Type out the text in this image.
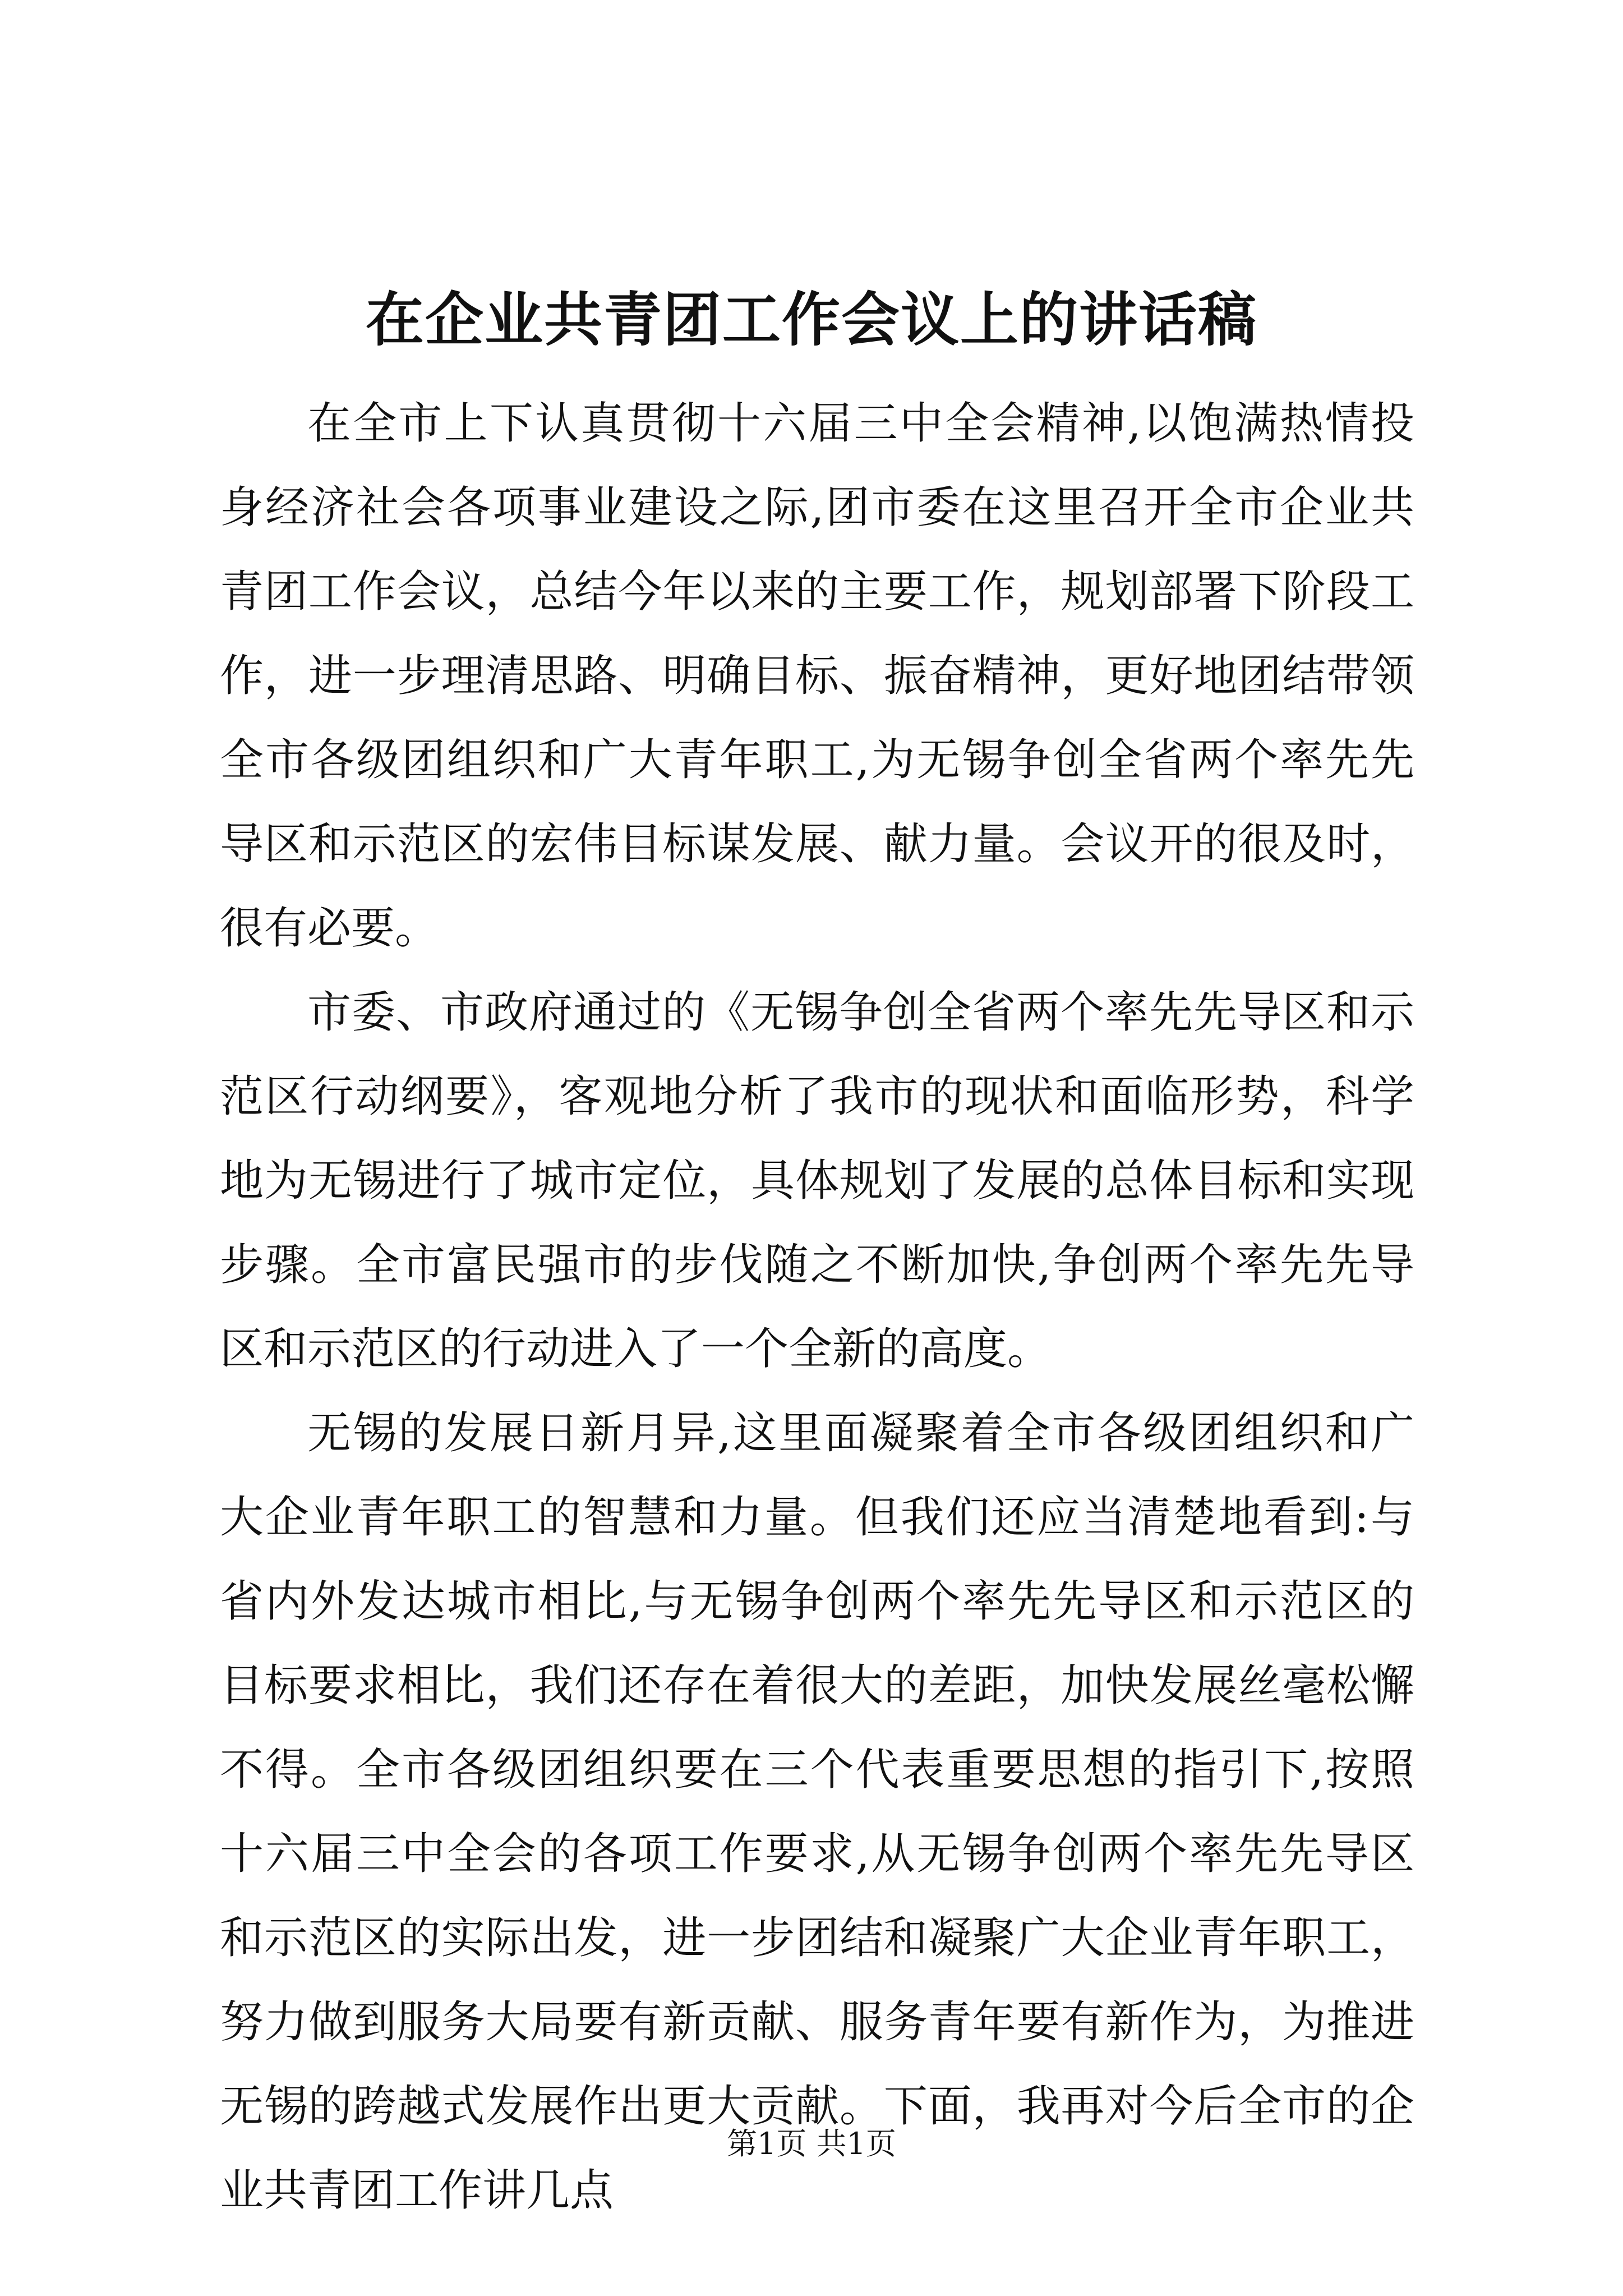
在企业共青团工作会议上的讲话稿

在全市上下认真贯彻十六届三中全会精神,以饱满热情投身经济社会各项事业建设之际,团市委在这里召开全市企业共青团工作会议，总结今年以来的主要工作，规划部署下阶段工作，进一步理清思路、明确目标、振奋精神，更好地团结带领全市各级团组织和广大青年职工,为无锡争创全省两个率先先导区和示范区的宏伟目标谋发展、献力量。会议开的很及时，很有必要。

市委、市政府通过的《无锡争创全省两个率先先导区和示范区行动纲要》，客观地分析了我市的现状和面临形势，科学地为无锡进行了城市定位，具体规划了发展的总体目标和实现步骤。全市富民强市的步伐随之不断加快,争创两个率先先导区和示范区的行动进入了一个全新的高度。

无锡的发展日新月异,这里面凝聚着全市各级团组织和广大企业青年职工的智慧和力量。但我们还应当清楚地看到:与省内外发达城市相比,与无锡争创两个率先先导区和示范区的目标要求相比，我们还存在着很大的差距，加快发展丝毫松懈不得。全市各级团组织要在三个代表重要思想的指引下,按照十六届三中全会的各项工作要求,从无锡争创两个率先先导区和示范区的实际出发，进一步团结和凝聚广大企业青年职工，努力做到服务大局要有新贡献、服务青年要有新作为，为推进无锡的跨越式发展作出更大贡献。下面，我再对今后全市的企业共青团工作讲几点

第1页 共1页
